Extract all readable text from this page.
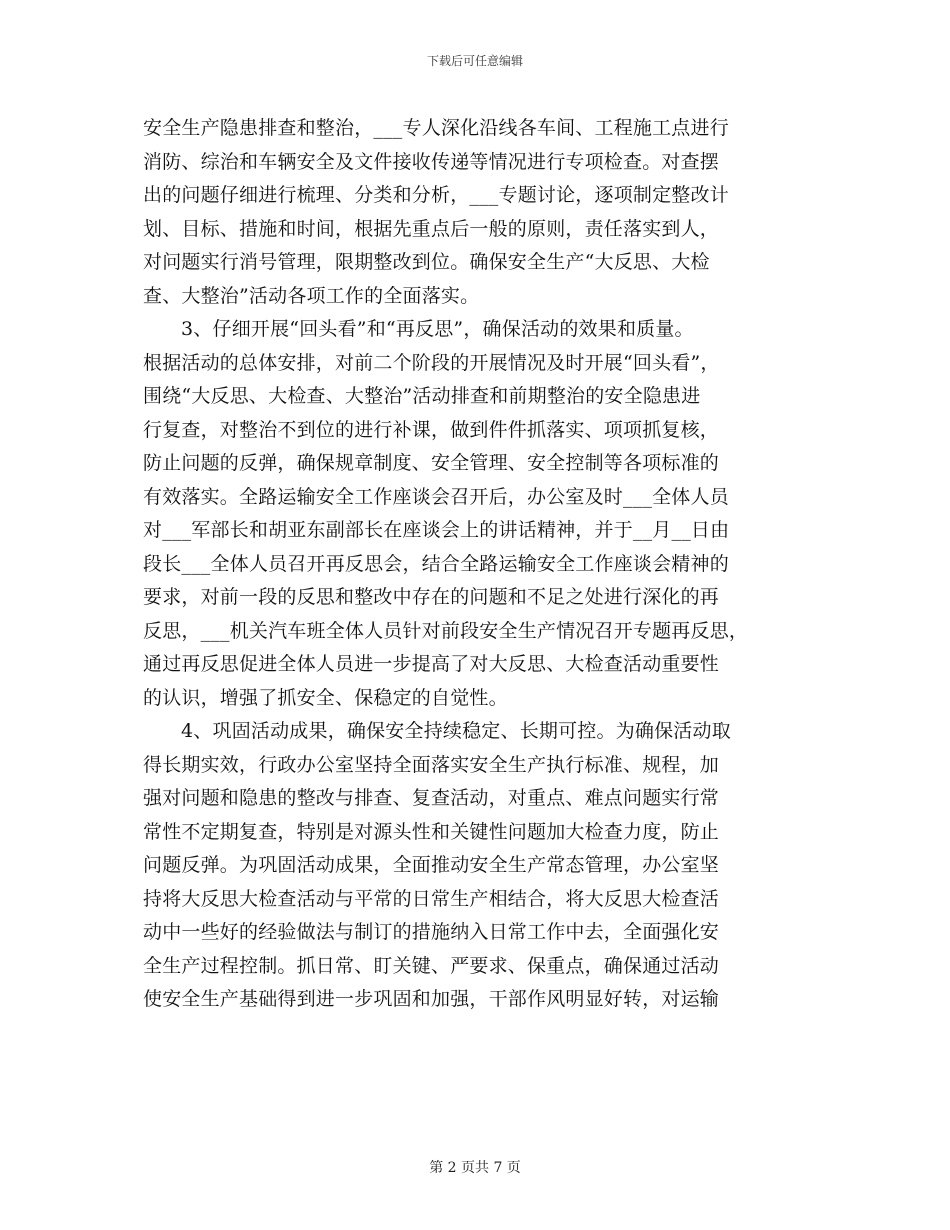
下载后可任意编辑
安全生产隐患排查和整治，___专人深化沿线各车间、工程施工点进行
消防、综治和车辆安全及文件接收传递等情况进行专项检查。对查摆
出的问题仔细进行梳理、分类和分析，___专题讨论，逐项制定整改计
划、目标、措施和时间，根据先重点后一般的原则，责任落实到人，
对问题实行消号管理，限期整改到位。确保安全生产“大反思、大检
查、大整治”活动各项工作的全面落实。
3、仔细开展“回头看”和“再反思”，确保活动的效果和质量。
根据活动的总体安排，对前二个阶段的开展情况及时开展“回头看”，
围绕“大反思、大检查、大整治”活动排查和前期整治的安全隐患进
行复查，对整治不到位的进行补课，做到件件抓落实、项项抓复核，
防止问题的反弹，确保规章制度、安全管理、安全控制等各项标准的
有效落实。全路运输安全工作座谈会召开后，办公室及时___全体人员
对___军部长和胡亚东副部长在座谈会上的讲话精神，并于__月__日由
段长___全体人员召开再反思会，结合全路运输安全工作座谈会精神的
要求，对前一段的反思和整改中存在的问题和不足之处进行深化的再
反思，___机关汽车班全体人员针对前段安全生产情况召开专题再反思，
通过再反思促进全体人员进一步提高了对大反思、大检查活动重要性
的认识，增强了抓安全、保稳定的自觉性。
4、巩固活动成果，确保安全持续稳定、长期可控。为确保活动取
得长期实效，行政办公室坚持全面落实安全生产执行标准、规程，加
强对问题和隐患的整改与排查、复查活动，对重点、难点问题实行常
常性不定期复查，特别是对源头性和关键性问题加大检查力度，防止
问题反弹。为巩固活动成果，全面推动安全生产常态管理，办公室坚
持将大反思大检查活动与平常的日常生产相结合，将大反思大检查活
动中一些好的经验做法与制订的措施纳入日常工作中去，全面强化安
全生产过程控制。抓日常、盯关键、严要求、保重点，确保通过活动
使安全生产基础得到进一步巩固和加强，干部作风明显好转，对运输
第 2 页共 7 页
